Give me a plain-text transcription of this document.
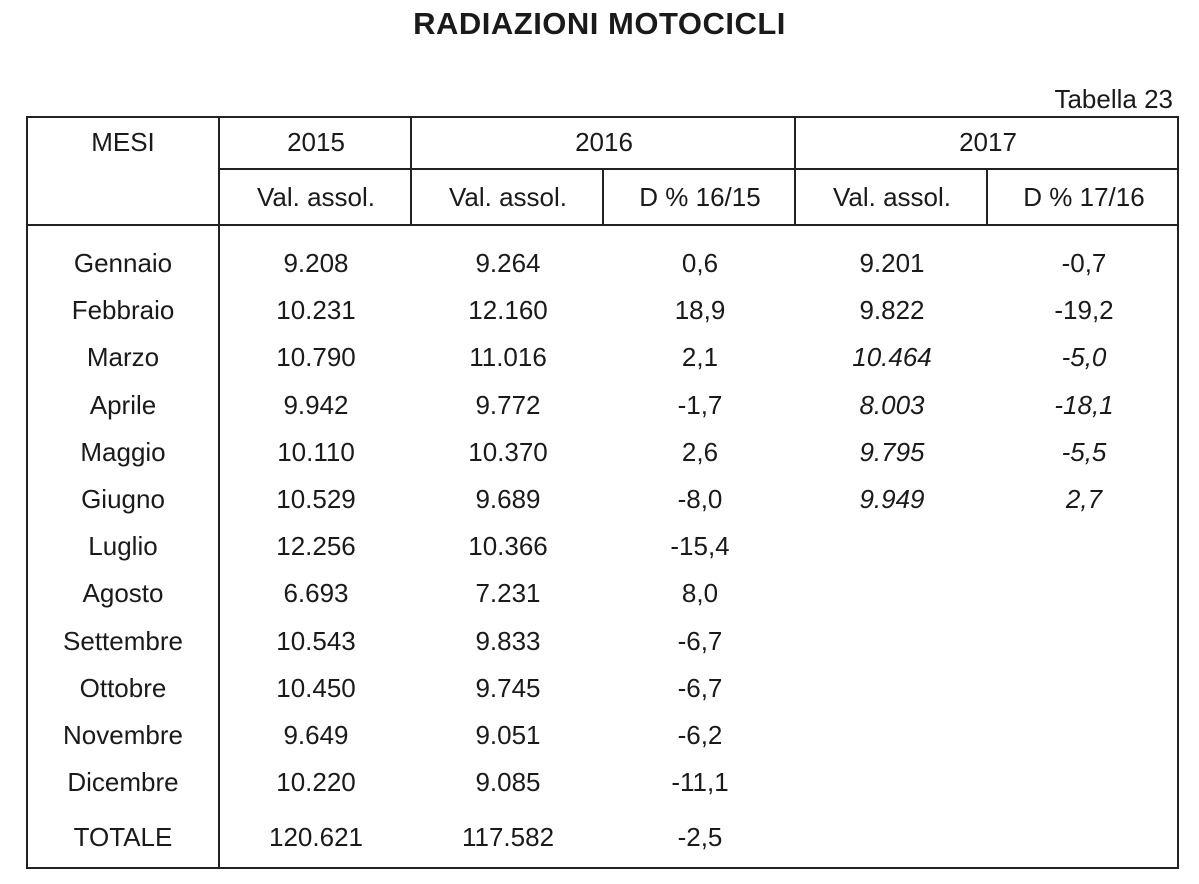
RADIAZIONI MOTOCICLI
Tabella 23
MESI	2015	2016	2017
Val. assol.	Val. assol.	D % 16/15	Val. assol.	D % 17/16
Gennaio	9.208	9.264	0,6	9.201	-0,7
Febbraio	10.231	12.160	18,9	9.822	-19,2
Marzo	10.790	11.016	2,1	10.464	-5,0
Aprile	9.942	9.772	-1,7	8.003	-18,1
Maggio	10.110	10.370	2,6	9.795	-5,5
Giugno	10.529	9.689	-8,0	9.949	2,7
Luglio	12.256	10.366	-15,4
Agosto	6.693	7.231	8,0
Settembre	10.543	9.833	-6,7
Ottobre	10.450	9.745	-6,7
Novembre	9.649	9.051	-6,2
Dicembre	10.220	9.085	-11,1
TOTALE	120.621	117.582	-2,5
